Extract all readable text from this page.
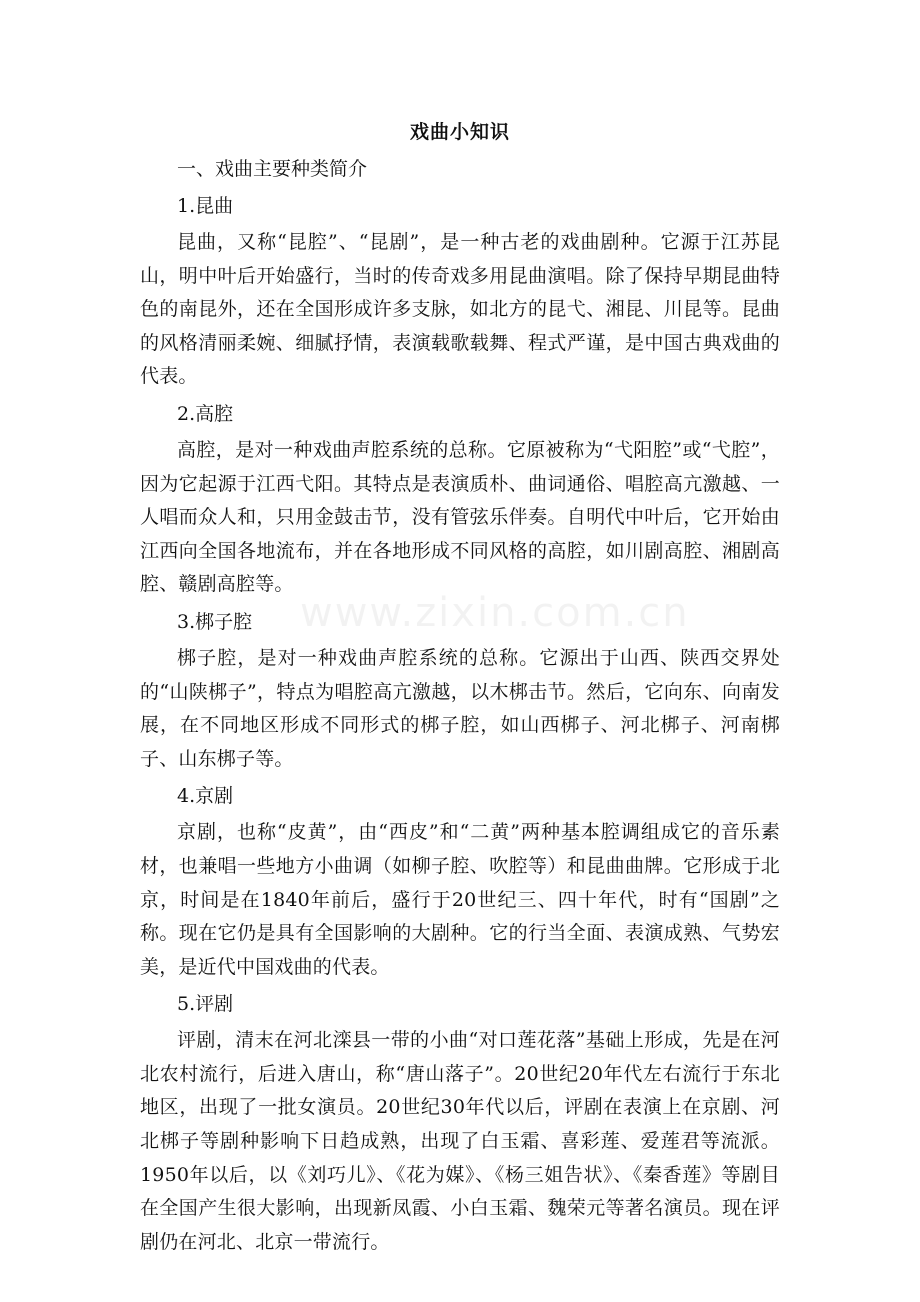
www.zixin.com.cn
戏曲小知识
一、戏曲主要种类简介
1.昆曲
昆曲，又称“昆腔”、“昆剧”，是一种古老的戏曲剧种。它源于江苏昆山，明中叶后开始盛行，当时的传奇戏多用昆曲演唱。除了保持早期昆曲特色的南昆外，还在全国形成许多支脉，如北方的昆弋、湘昆、川昆等。昆曲的风格清丽柔婉、细腻抒情，表演载歌载舞、程式严谨，是中国古典戏曲的代表。
2.高腔
高腔，是对一种戏曲声腔系统的总称。它原被称为“弋阳腔”或“弋腔”，因为它起源于江西弋阳。其特点是表演质朴、曲词通俗、唱腔高亢激越、一人唱而众人和，只用金鼓击节，没有管弦乐伴奏。自明代中叶后，它开始由江西向全国各地流布，并在各地形成不同风格的高腔，如川剧高腔、湘剧高腔、赣剧高腔等。
3.梆子腔
梆子腔，是对一种戏曲声腔系统的总称。它源出于山西、陕西交界处的“山陕梆子”，特点为唱腔高亢激越，以木梆击节。然后，它向东、向南发展，在不同地区形成不同形式的梆子腔，如山西梆子、河北梆子、河南梆子、山东梆子等。
4.京剧
京剧，也称“皮黄”，由“西皮”和“二黄”两种基本腔调组成它的音乐素材，也兼唱一些地方小曲调（如柳子腔、吹腔等）和昆曲曲牌。它形成于北京，时间是在1840年前后，盛行于20世纪三、四十年代，时有“国剧”之称。现在它仍是具有全国影响的大剧种。它的行当全面、表演成熟、气势宏美，是近代中国戏曲的代表。
5.评剧
评剧，清末在河北滦县一带的小曲“对口莲花落”基础上形成，先是在河北农村流行，后进入唐山，称“唐山落子”。20世纪20年代左右流行于东北地区，出现了一批女演员。20世纪30年代以后，评剧在表演上在京剧、河北梆子等剧种影响下日趋成熟，出现了白玉霜、喜彩莲、爱莲君等流派。1950年以后，以《刘巧儿》、《花为媒》、《杨三姐告状》、《秦香莲》等剧目在全国产生很大影响，出现新凤霞、小白玉霜、魏荣元等著名演员。现在评剧仍在河北、北京一带流行。
